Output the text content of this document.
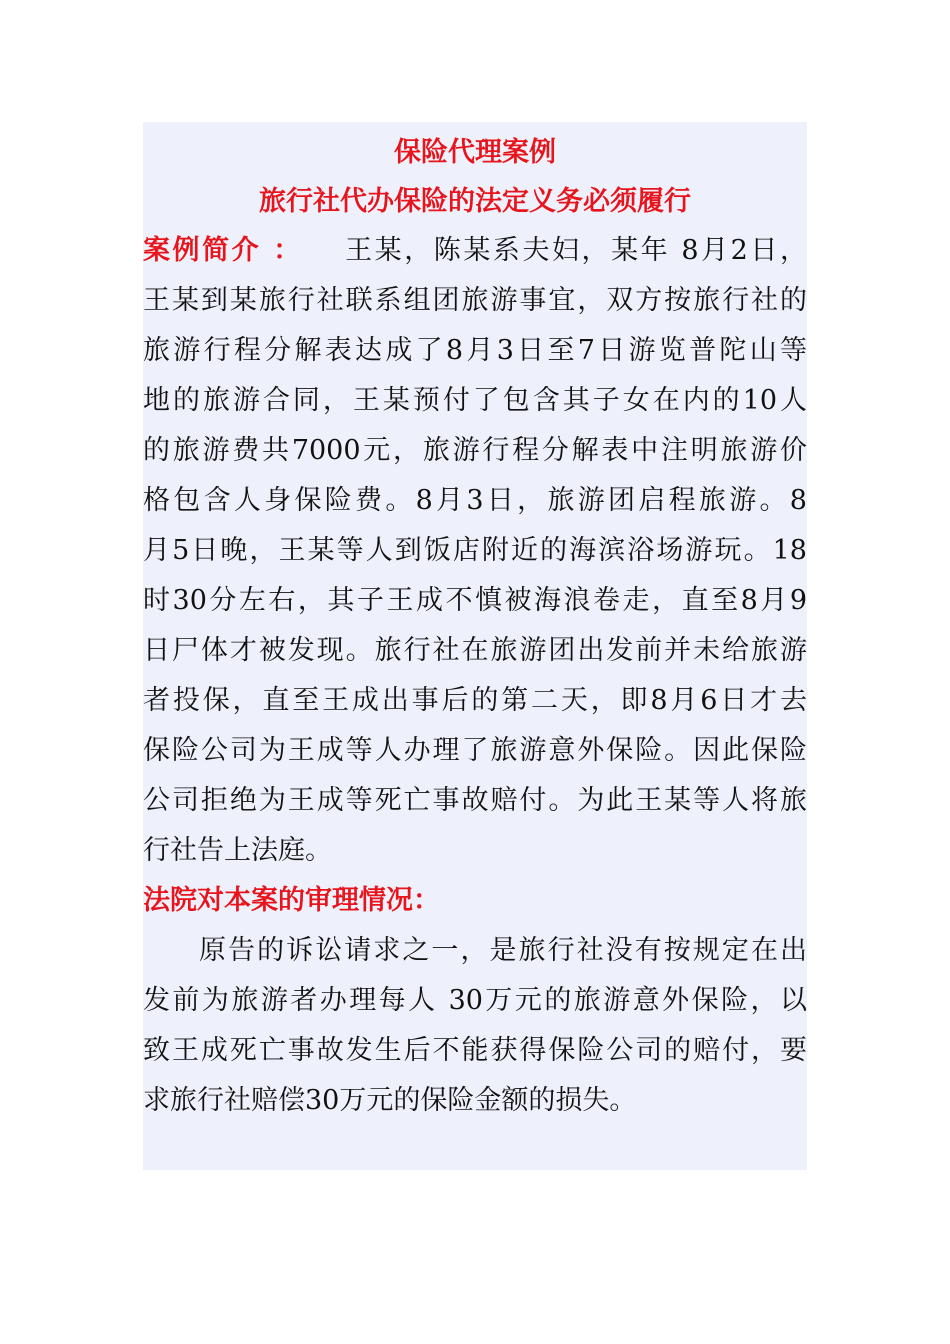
保险代理案例
旅行社代办保险的法定义务必须履行
案例简介 ： 王某，陈某系夫妇，某年 8月2日，
王某到某旅行社联系组团旅游事宜，双方按旅行社的
旅游行程分解表达成了8月3日至7日游览普陀山等
地的旅游合同，王某预付了包含其子女在内的10人
的旅游费共7000元，旅游行程分解表中注明旅游价
格包含人身保险费。8月3日，旅游团启程旅游。8
月5日晚，王某等人到饭店附近的海滨浴场游玩。18
时30分左右，其子王成不慎被海浪卷走，直至8月9
日尸体才被发现。旅行社在旅游团出发前并未给旅游
者投保，直至王成出事后的第二天，即8月6日才去
保险公司为王成等人办理了旅游意外保险。因此保险
公司拒绝为王成等死亡事故赔付。为此王某等人将旅
行社告上法庭。
法院对本案的审理情况：
原告的诉讼请求之一，是旅行社没有按规定在出
发前为旅游者办理每人 30万元的旅游意外保险，以
致王成死亡事故发生后不能获得保险公司的赔付，要
求旅行社赔偿30万元的保险金额的损失。
